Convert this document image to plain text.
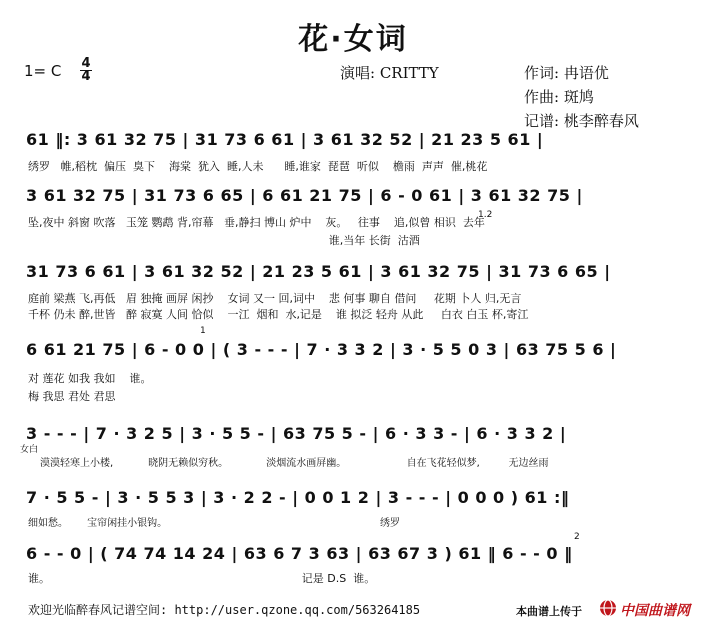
花·女词
1= C 4
4	演唱: CRITTY	作词: 冉语优
作曲: 斑鸠
记谱: 桃李醉春风
61 ‖: 3 61 32 75 | 31 73 6 61 | 3 61 32 52 | 21 23 5 61 |
绣罗   帷,稻枕  偏压  臭下    海棠  犹入  睡,人未      睡,谁家  琵琶  听似    檐雨  声声  催,桃花
3 61 32 75 | 31 73 6 65 | 6 61 21 75 | 6 - 0 61 | 3 61 32 75 |
1.2
坠,夜中 斜窗 吹落   玉笼 鹦鹉 背,帘幕   垂,静扫 博山 炉中    灰。   往事    追,似曾 相识  去年
谁,当年 长街  沽酒
31 73 6 61 | 3 61 32 52 | 21 23 5 61 | 3 61 32 75 | 31 73 6 65 |
庭前 梁燕 飞,再低   眉 独掩 画屏 闲抄    女词 又一 回,词中    悲 何事 聊自 借问     花期 卜人 归,无言
千杯 仍未 醉,世皆   醉 寂寞 人间 恰似    一江  烟和  水,记是    谁 拟泛 轻舟 从此     白衣 白玉 杯,寄江
1
6 61 21 75 | 6 - 0 0 | ( 3 - - - | 7 · 3 3 2 | 3 · 5 5 0 3 | 63 75 5 6 |
对 莲花 如我 我如    谁。
梅 我思 君处 君思
3 - - - | 7 · 3 2 5 | 3 · 5 5 - | 63 75 5 - | 6 · 3 3 - | 6 · 3 3 2 |
女白
漠漠轻寒上小楼,           晓阴无赖似穷秋。            淡烟流水画屏幽。                   自在飞花轻似梦,         无边丝雨
7 · 5 5 - | 3 · 5 5 3 | 3 · 2 2 - | 0 0 1 2 | 3 - - - | 0 0 0 ) 61 :‖
细如愁。      宝帘闲挂小银钩。                                                                   绣罗
2
6 - - 0 | ( 74 74 14 24 | 63 6 7 3 63 | 63 67 3 ) 61 ‖ 6 - - 0 ‖
谁。                                                                        记是 D.S  谁。
欢迎光临醉春风记谱空间: http://user.qzone.qq.com/563264185	本曲谱上传于	中国曲谱网
